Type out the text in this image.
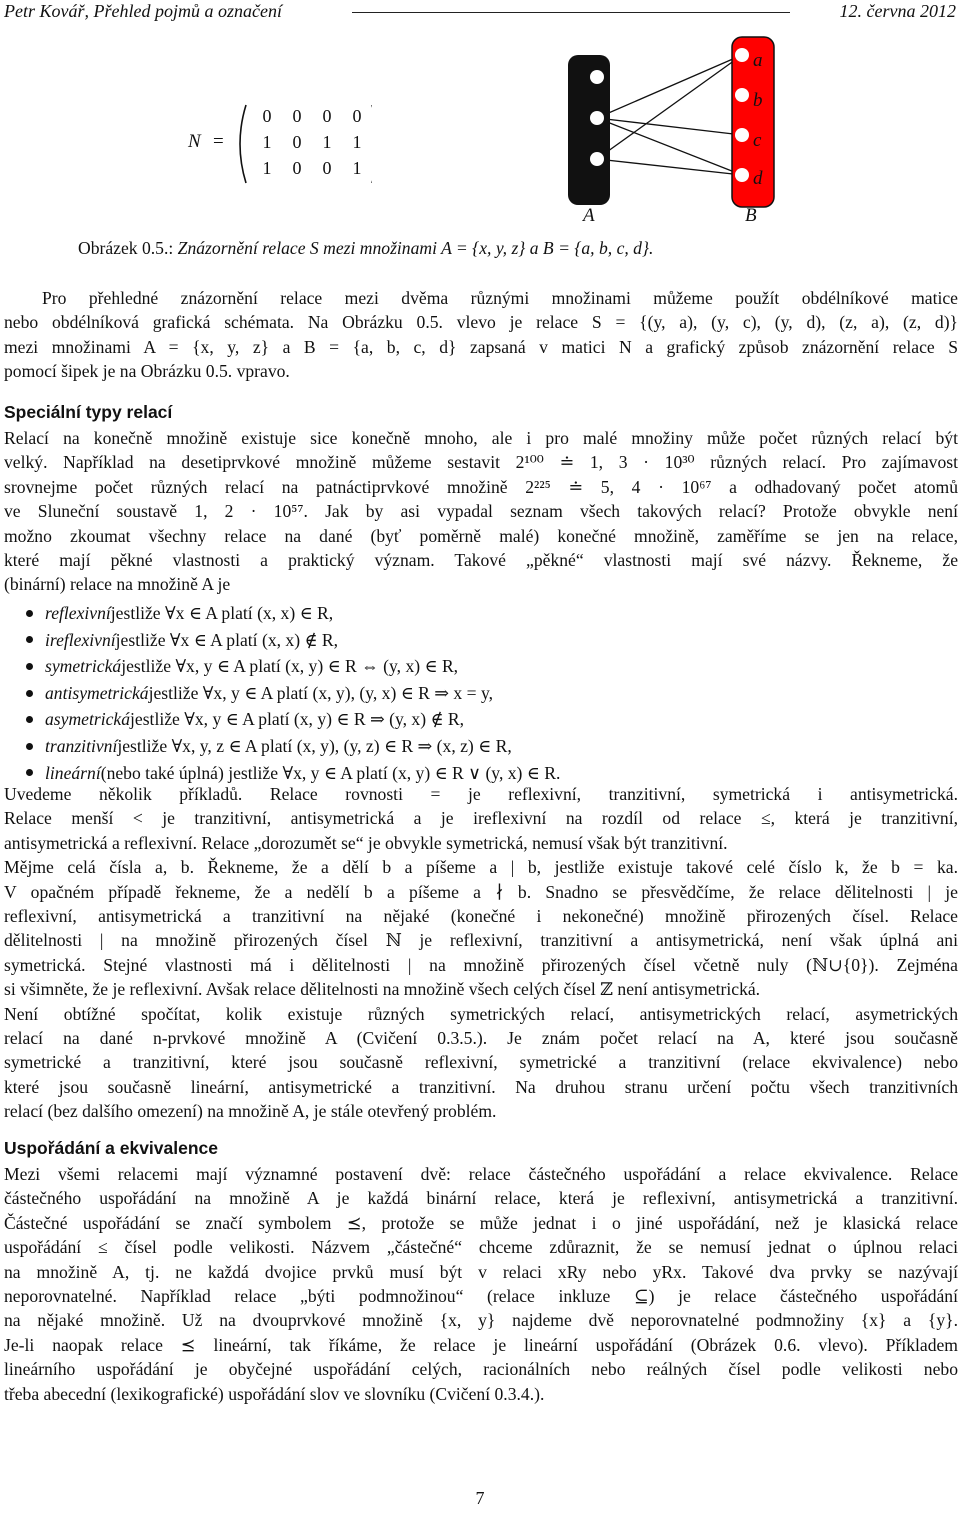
Petr Kovář, Přehled pojmů a označení	12. června 2012
N =
0	0	0	0
1	0	1	1
1	0	0	1
A	B
a
b
c
d
Obrázek 0.5.: Znázornění relace S mezi množinami A = {x, y, z} a B = {a, b, c, d}.
Pro přehledné znázornění relace mezi dvěma různými množinami můžeme použít obdélníkové matice
nebo obdélníková grafická schémata. Na Obrázku 0.5. vlevo je relace S = {(y, a), (y, c), (y, d), (z, a), (z, d)}
mezi množinami A = {x, y, z} a B = {a, b, c, d} zapsaná v matici N a grafický způsob znázornění relace S
pomocí šipek je na Obrázku 0.5. vpravo.
Speciální typy relací
Relací na konečně množině existuje sice konečně mnoho, ale i pro malé množiny může počet různých relací být
velký. Například na desetiprvkové množině můžeme sestavit 2¹⁰⁰ ≐ 1, 3 · 10³⁰ různých relací. Pro zajímavost
srovnejme počet různých relací na patnáctiprvkové množině 2²²⁵ ≐ 5, 4 · 10⁶⁷ a odhadovaný počet atomů
ve Sluneční soustavě 1, 2 · 10⁵⁷. Jak by asi vypadal seznam všech takových relací? Protože obvykle není
možno zkoumat všechny relace na dané (byť poměrně malé) konečné množině, zaměříme se jen na relace,
které mají pěkné vlastnosti a praktický význam. Takové „pěkné“ vlastnosti mají své názvy. Řekneme, že
(binární) relace na množině A je
reflexivní jestliže ∀x ∈ A platí (x, x) ∈ R,
ireflexivní jestliže ∀x ∈ A platí (x, x) ∉ R,
symetrická jestliže ∀x, y ∈ A platí (x, y) ∈ R ⇔ (y, x) ∈ R,
antisymetrická jestliže ∀x, y ∈ A platí (x, y), (y, x) ∈ R ⇒ x = y,
asymetrická jestliže ∀x, y ∈ A platí (x, y) ∈ R ⇒ (y, x) ∉ R,
tranzitivní jestliže ∀x, y, z ∈ A platí (x, y), (y, z) ∈ R ⇒ (x, z) ∈ R,
lineární (nebo také úplná) jestliže ∀x, y ∈ A platí (x, y) ∈ R ∨ (y, x) ∈ R.
Uvedeme několik příkladů. Relace rovnosti = je reflexivní, tranzitivní, symetrická i antisymetrická.
Relace menší < je tranzitivní, antisymetrická a je ireflexivní na rozdíl od relace ≤, která je tranzitivní,
antisymetrická a reflexivní. Relace „dorozumět se“ je obvykle symetrická, nemusí však být tranzitivní.
Mějme celá čísla a, b. Řekneme, že a dělí b a píšeme a | b, jestliže existuje takové celé číslo k, že b = ka.
V opačném případě řekneme, že a nedělí b a píšeme a ∤ b. Snadno se přesvědčíme, že relace dělitelnosti | je
reflexivní, antisymetrická a tranzitivní na nějaké (konečné i nekonečné) množině přirozených čísel. Relace
dělitelnosti | na množině přirozených čísel ℕ je reflexivní, tranzitivní a antisymetrická, není však úplná ani
symetrická. Stejné vlastnosti má i dělitelnosti | na množině přirozených čísel včetně nuly (ℕ∪{0}). Zejména
si všimněte, že je reflexivní. Avšak relace dělitelnosti na množině všech celých čísel ℤ není antisymetrická.
Není obtížné spočítat, kolik existuje různých symetrických relací, antisymetrických relací, asymetrických
relací na dané n-prvkové množině A (Cvičení 0.3.5.). Je znám počet relací na A, které jsou současně
symetrické a tranzitivní, které jsou současně reflexivní, symetrické a tranzitivní (relace ekvivalence) nebo
které jsou současně lineární, antisymetrické a tranzitivní. Na druhou stranu určení počtu všech tranzitivních
relací (bez dalšího omezení) na množině A, je stále otevřený problém.
Uspořádání a ekvivalence
Mezi všemi relacemi mají významné postavení dvě: relace částečného uspořádání a relace ekvivalence. Relace
částečného uspořádání na množině A je každá binární relace, která je reflexivní, antisymetrická a tranzitivní.
Částečné uspořádání se značí symbolem ⪯, protože se může jednat i o jiné uspořádání, než je klasická relace
uspořádání ≤ čísel podle velikosti. Názvem „částečné“ chceme zdůraznit, že se nemusí jednat o úplnou relaci
na množině A, tj. ne každá dvojice prvků musí být v relaci xRy nebo yRx. Takové dva prvky se nazývají
neporovnatelné. Například relace „býti podmnožinou“ (relace inkluze ⊆) je relace částečného uspořádání
na nějaké množině. Už na dvouprvkové množině {x, y} najdeme dvě neporovnatelné podmnožiny {x} a {y}.
Je-li naopak relace ⪯ lineární, tak říkáme, že relace je lineární uspořádání (Obrázek 0.6. vlevo). Příkladem
lineárního uspořádání je obyčejné uspořádání celých, racionálních nebo reálných čísel podle velikosti nebo
třeba abecední (lexikografické) uspořádání slov ve slovníku (Cvičení 0.3.4.).
7
